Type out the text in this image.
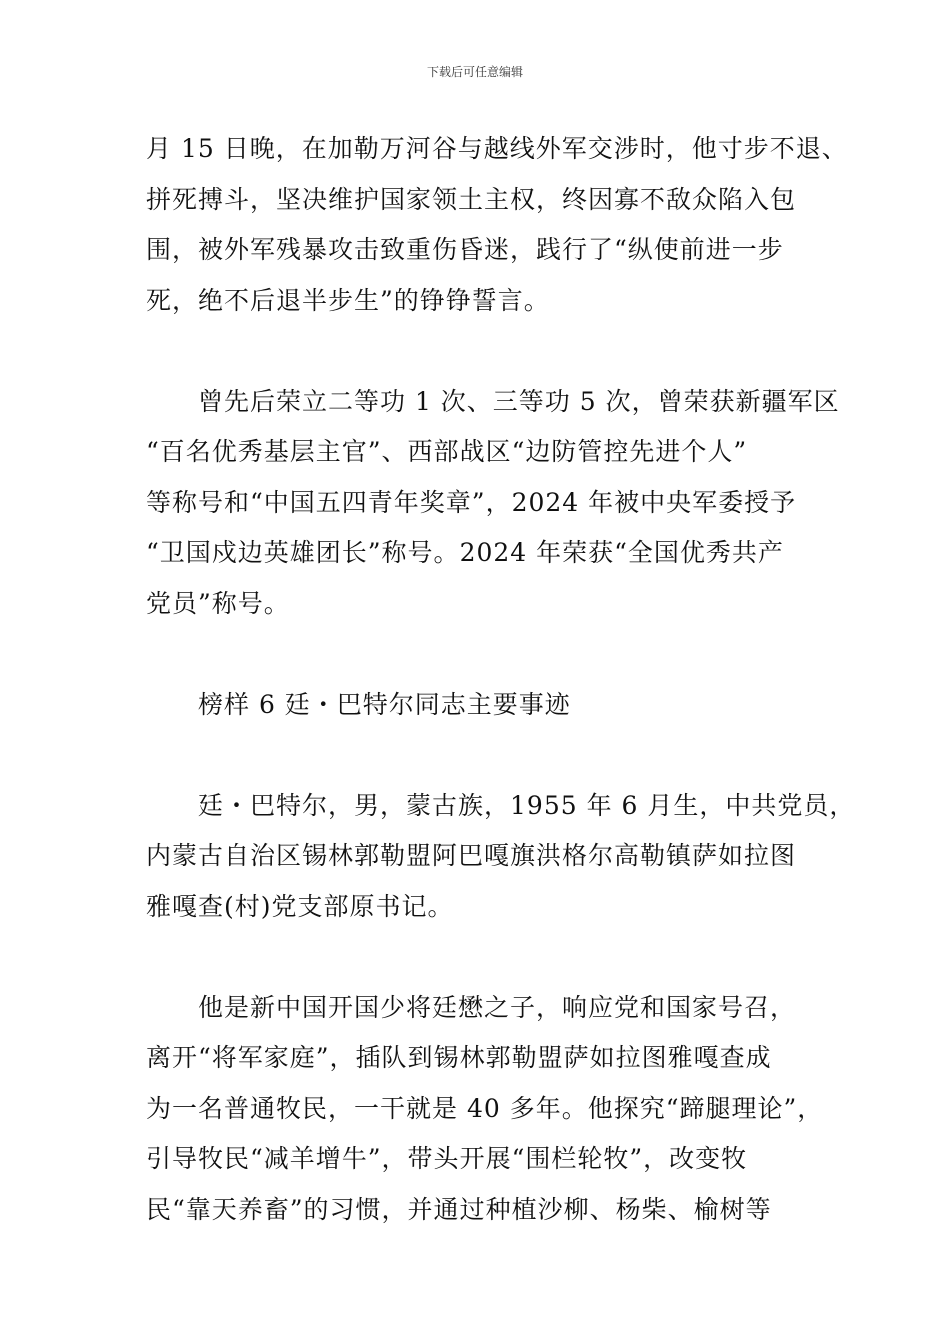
下载后可任意编辑

月 15 日晚，在加勒万河谷与越线外军交涉时，他寸步不退、
拼死搏斗，坚决维护国家领土主权，终因寡不敌众陷入包
围，被外军残暴攻击致重伤昏迷，践行了“纵使前进一步
死，绝不后退半步生”的铮铮誓言。

　　曾先后荣立二等功 1 次、三等功 5 次，曾荣获新疆军区
“百名优秀基层主官”、西部战区“边防管控先进个人”
等称号和“中国五四青年奖章”，2024 年被中央军委授予
“卫国戍边英雄团长”称号。2024 年荣获“全国优秀共产
党员”称号。

　　榜样 6 廷・巴特尔同志主要事迹

　　廷・巴特尔，男，蒙古族，1955 年 6 月生，中共党员，
内蒙古自治区锡林郭勒盟阿巴嘎旗洪格尔高勒镇萨如拉图
雅嘎查(村)党支部原书记。

　　他是新中国开国少将廷懋之子，响应党和国家号召，
离开“将军家庭”，插队到锡林郭勒盟萨如拉图雅嘎查成
为一名普通牧民，一干就是 40 多年。他探究“蹄腿理论”，
引导牧民“减羊增牛”，带头开展“围栏轮牧”，改变牧
民“靠天养畜”的习惯，并通过种植沙柳、杨柴、榆树等
